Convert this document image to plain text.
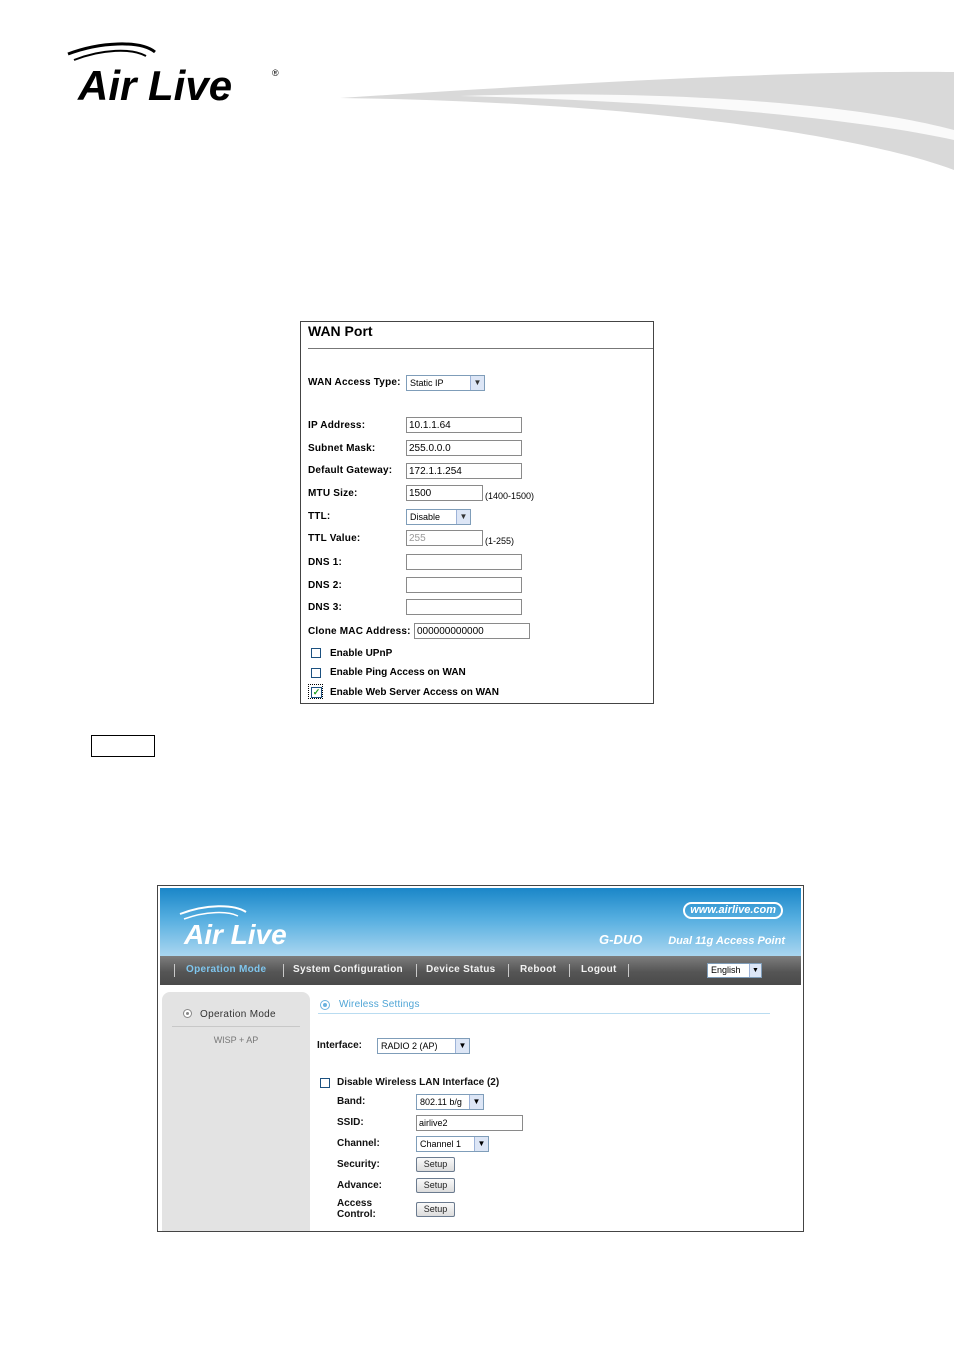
Air Live	®
WAN Port
WAN Access Type:	Static IP	▼
IP Address:	10.1.1.64
Subnet Mask:	255.0.0.0
Default Gateway:	172.1.1.254
MTU Size:	1500	(1400-1500)
TTL:	Disable	▼
TTL Value:	255	(1-255)
DNS 1:
DNS 2:
DNS 3:
Clone MAC Address: 000000000000
Enable UPnP
Enable Ping Access on WAN
✓ Enable Web Server Access on WAN
Air Live
www.airlive.com
G-DUO Dual 11g Access Point
Operation Mode	System Configuration Device Status Reboot Logout	English	▼
Operation Mode
WISP + AP
Wireless Settings
Interface:	RADIO 2 (AP)	▼
Disable Wireless LAN Interface (2)
Band:	802.11 b/g	▼
SSID:	airlive2
Channel:	Channel 1	▼
Security:	Setup
Advance:	Setup
Access
Control:	Setup
